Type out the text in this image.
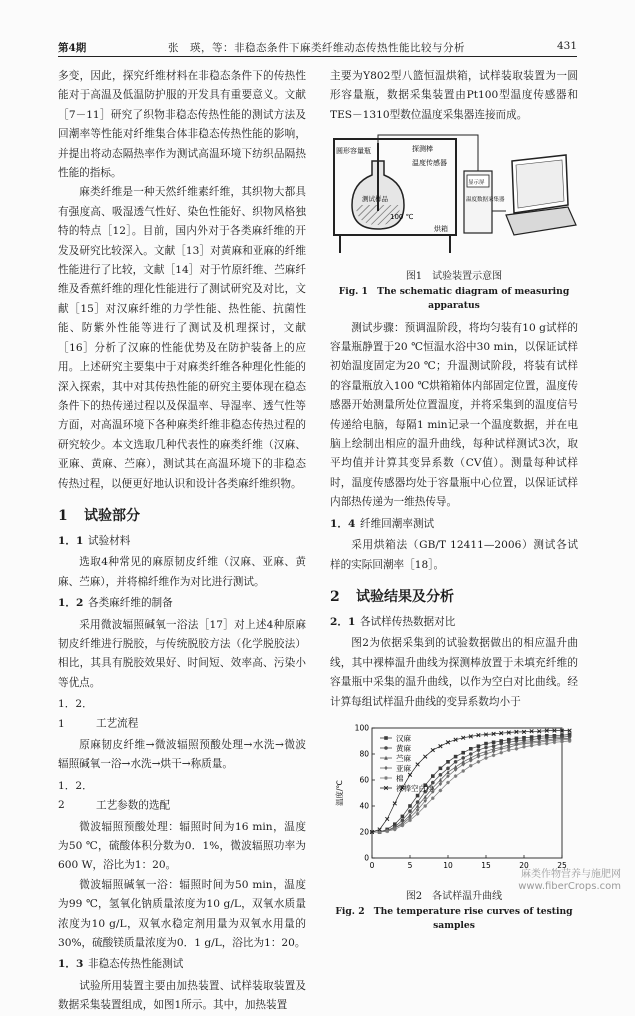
第4期	张　瑛，等：非稳态条件下麻类纤维动态传热性能比较与分析	431

多变，因此，探究纤维材料在非稳态条件下的传热性能对于高温及低温防护服的开发具有重要意义。文献［7－11］研究了织物非稳态传热性能的测试方法及回潮率等性能对纤维集合体非稳态传热性能的影响，并提出将动态隔热率作为测试高温环境下纺织品隔热性能的指标。

麻类纤维是一种天然纤维素纤维，其织物大都具有强度高、吸湿透气性好、染色性能好、织物风格独特的特点［12］。目前，国内外对于各类麻纤维的开发及研究比较深入。文献［13］对黄麻和亚麻的纤维性能进行了比较，文献［14］对于竹原纤维、苎麻纤维及香蕉纤维的理化性能进行了测试研究及对比，文献［15］对汉麻纤维的力学性能、热性能、抗菌性能、防紫外性能等进行了测试及机理探讨，文献［16］分析了汉麻的性能优势及在防护装备上的应用。上述研究主要集中于对麻类纤维各种理化性能的深入探索，其中对其传热性能的研究主要体现在稳态条件下的热传递过程以及保温率、导湿率、透气性等方面，对高温环境下各种麻类纤维非稳态传热过程的研究较少。本文选取几种代表性的麻类纤维（汉麻、亚麻、黄麻、苎麻），测试其在高温环境下的非稳态传热过程，以便更好地认识和设计各类麻纤维织物。

1 试验部分
1．1 试验材料

选取4种常见的麻原韧皮纤维（汉麻、亚麻、黄麻、苎麻），并将棉纤维作为对比进行测试。

1．2 各类麻纤维的制备

采用微波辐照碱氧一浴法［17］对上述4种原麻韧皮纤维进行脱胶，与传统脱胶方法（化学脱胶法）相比，其具有脱胶效果好、时间短、效率高、污染小等优点。

1．2．1	工艺流程

原麻韧皮纤维→微波辐照预酸处理→水洗→微波辐照碱氧一浴→水洗→烘干→称质量。

1．2．2	工艺参数的选配

微波辐照预酸处理：辐照时间为16 min，温度为50 ℃，硫酸体积分数为0．1%，微波辐照功率为600 W，浴比为1：20。

微波辐照碱氧一浴：辐照时间为50 min，温度为99 ℃，氢氧化钠质量浓度为10 g/L，双氧水质量浓度为10 g/L，双氧水稳定剂用量为双氧水用量的30%，硫酸镁质量浓度为0．1 g/L，浴比为1：20。

1．3 非稳态传热性能测试

试验所用装置主要由加热装置、试样装取装置及数据采集装置组成，如图1所示。其中，加热装置

主要为Y802型八篮恒温烘箱，试样装取装置为一圆形容量瓶，数据采集装置由Pt100型温度传感器和TES－1310型数位温度采集器连接而成。

圆形容量瓶	探测棒
温度传感器
测试样品
100 ℃
烘箱
显示屏
温度数据采集器
图1　试验装置示意图
Fig. 1　The schematic diagram of measuring apparatus

测试步骤：预调温阶段，将均匀装有10 g试样的容量瓶静置于20 ℃恒温水浴中30 min，以保证试样初始温度固定为20 ℃；升温测试阶段，将装有试样的容量瓶放入100 ℃烘箱箱体内部固定位置，温度传感器开始测量所处位置温度，并将采集到的温度信号传递给电脑，每隔1 min记录一个温度数据，并在电脑上绘制出相应的温升曲线，每种试样测试3次，取平均值并计算其变异系数（CV值）。测量每种试样时，温度传感器均处于容量瓶中心位置，以保证试样内部热传递为一维热传导。

1．4 纤维回潮率测试

采用烘箱法（GB/T 12411—2006）测试各试样的实际回潮率［18］。

2 试验结果及分析
2．1 各试样传热数据对比

图2为依据采集到的试验数据做出的相应温升曲线，其中裸棒温升曲线为探测棒放置于未填充纤维的容量瓶中采集的温升曲线，以作为空白对比曲线。经计算每组试样温升曲线的变异系数均小于

0	5	10	15	20	25
0
20
40
60
80
100
温度/℃
汉麻
黄麻
苎麻
亚麻
棉
裸棒空白样
图2　各试样温升曲线
Fig. 2　The temperature rise curves of testing samples
麻类作物营养与施肥网
www.fiberCrops.com
